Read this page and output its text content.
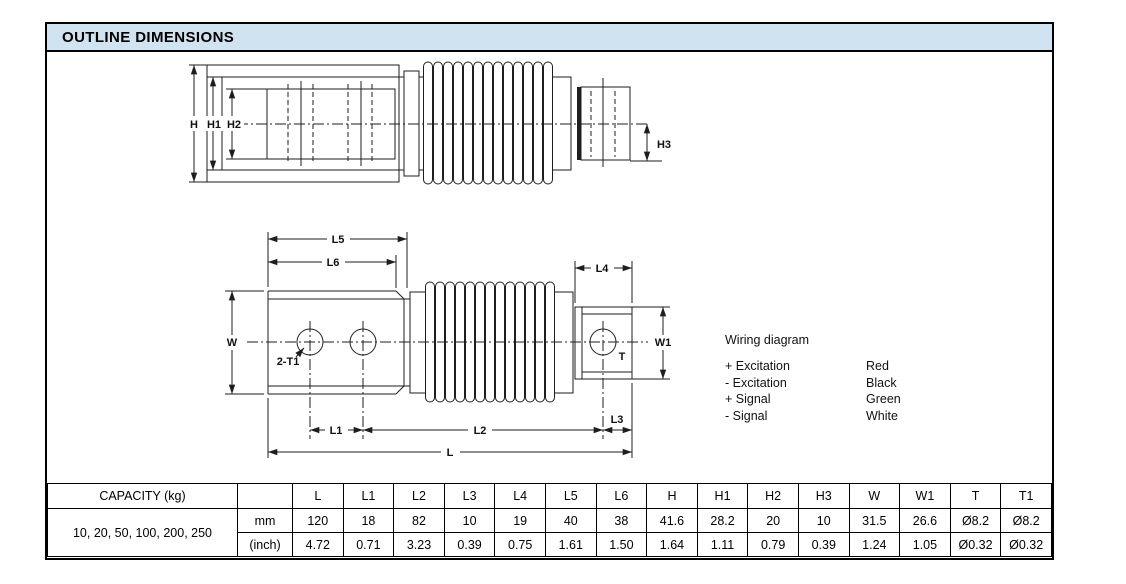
OUTLINE DIMENSIONS
H H1 H2
H3
L5
L6	L4
W	W1
T
2-T1
L1	L2
L3
L
Wiring diagram
+ Excitation	Red
- Excitation	Black
+ Signal	Green
- Signal	White
CAPACITY (kg)		L	L1	L2	L3	L4	L5	L6	H	H1	H2	H3	W	W1	T	T1
10, 20, 50, 100, 200, 250	mm	120	18	82	10	19	40	38	41.6	28.2	20	10	31.5	26.6	Ø8.2	Ø8.2
	(inch)	4.72	0.71	3.23	0.39	0.75	1.61	1.50	1.64	1.11	0.79	0.39	1.24	1.05	Ø0.32	Ø0.32
